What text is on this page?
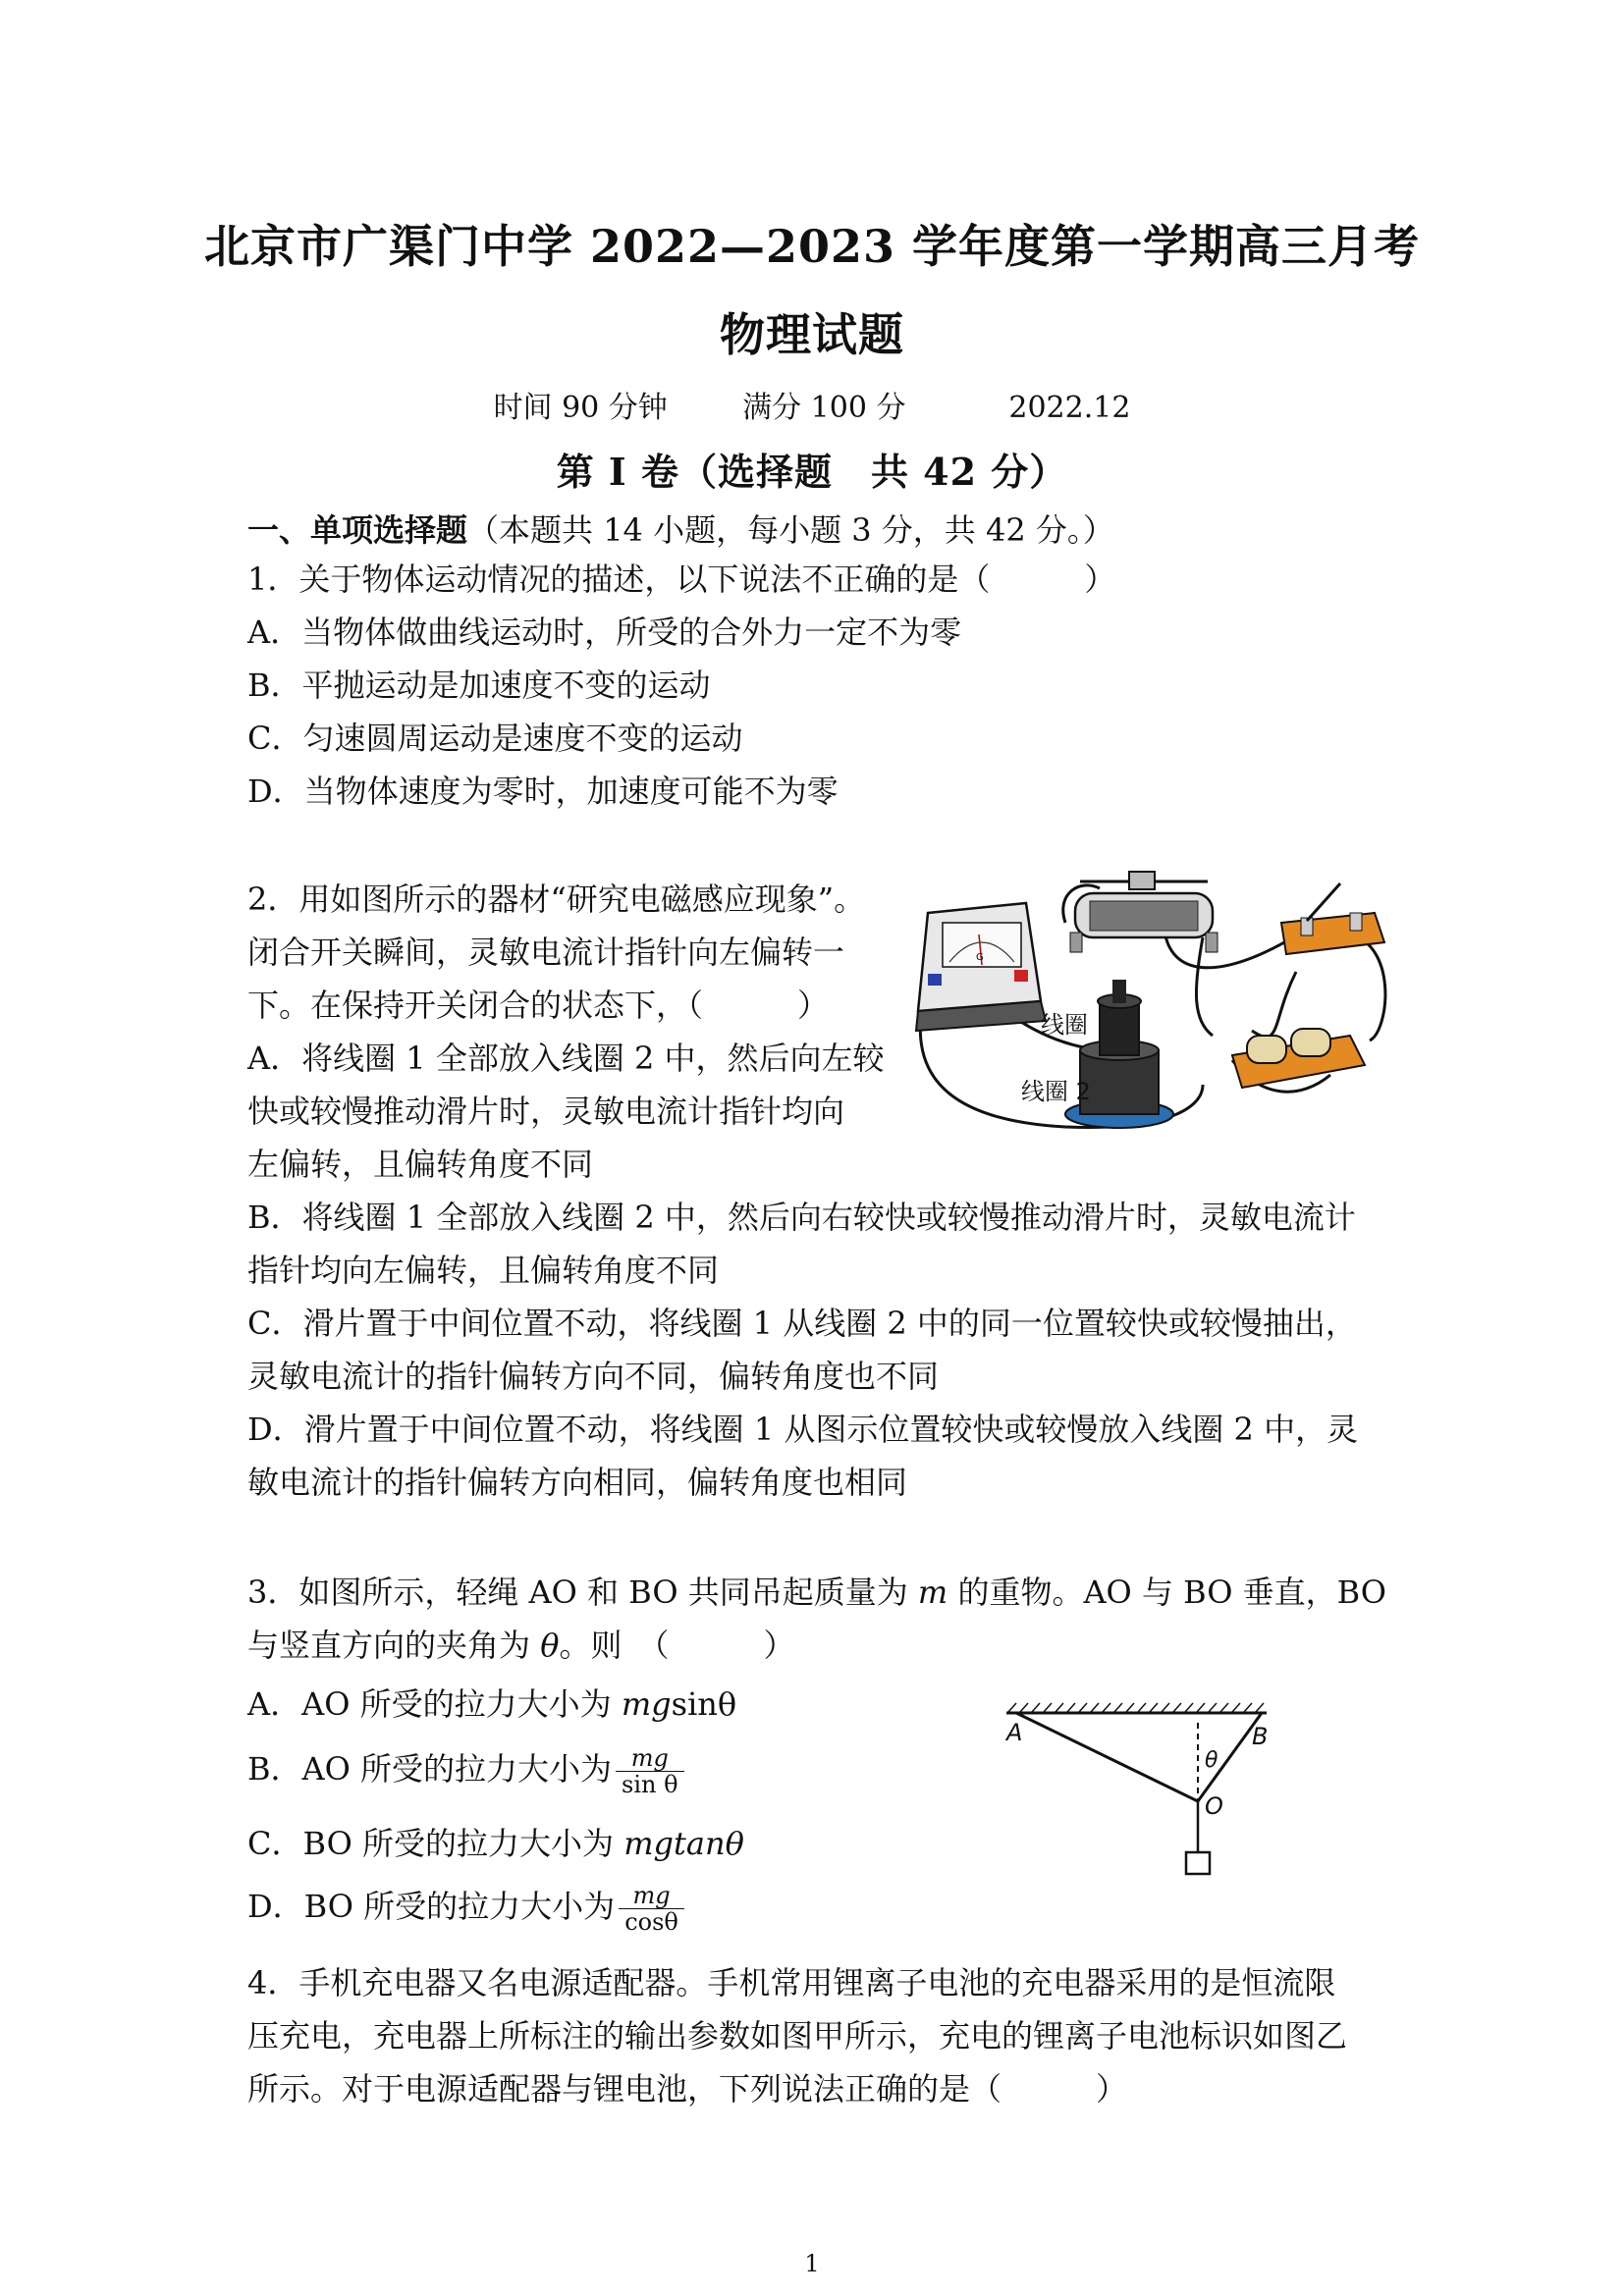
北京市广渠门中学 2022—2023 学年度第一学期高三月考
物理试题
时间 90 分钟	满分 100 分	2022.12
第 I 卷（选择题　共 42 分）
一、单项选择题（本题共 14 小题，每小题 3 分，共 42 分。）
1．关于物体运动情况的描述，以下说法不正确的是（　　　）
A．当物体做曲线运动时，所受的合外力一定不为零
B．平抛运动是加速度不变的运动
C．匀速圆周运动是速度不变的运动
D．当物体速度为零时，加速度可能不为零
2．用如图所示的器材“研究电磁感应现象”。
闭合开关瞬间，灵敏电流计指针向左偏转一
下。在保持开关闭合的状态下，（　　　）
A．将线圈 1 全部放入线圈 2 中，然后向左较
快或较慢推动滑片时，灵敏电流计指针均向
左偏转，且偏转角度不同
B．将线圈 1 全部放入线圈 2 中，然后向右较快或较慢推动滑片时，灵敏电流计
指针均向左偏转，且偏转角度不同
C．滑片置于中间位置不动，将线圈 1 从线圈 2 中的同一位置较快或较慢抽出，
灵敏电流计的指针偏转方向不同，偏转角度也不同
D．滑片置于中间位置不动，将线圈 1 从图示位置较快或较慢放入线圈 2 中，灵
敏电流计的指针偏转方向相同，偏转角度也相同
G
线圈
线圈 2
3．如图所示，轻绳 AO 和 BO 共同吊起质量为 m 的重物。AO 与 BO 垂直，BO
与竖直方向的夹角为 θ。则　（　　　）
A．AO 所受的拉力大小为 mgsinθ
B．AO 所受的拉力大小为 $\frac{mg}{\text{sin θ}}$
C．BO 所受的拉力大小为 mgtanθ
D．BO 所受的拉力大小为 $\frac{mg}{\cos\theta}$
A	B
O
θ
4．手机充电器又名电源适配器。手机常用锂离子电池的充电器采用的是恒流限
压充电，充电器上所标注的输出参数如图甲所示，充电的锂离子电池标识如图乙
所示。对于电源适配器与锂电池，下列说法正确的是（　　　）
1
